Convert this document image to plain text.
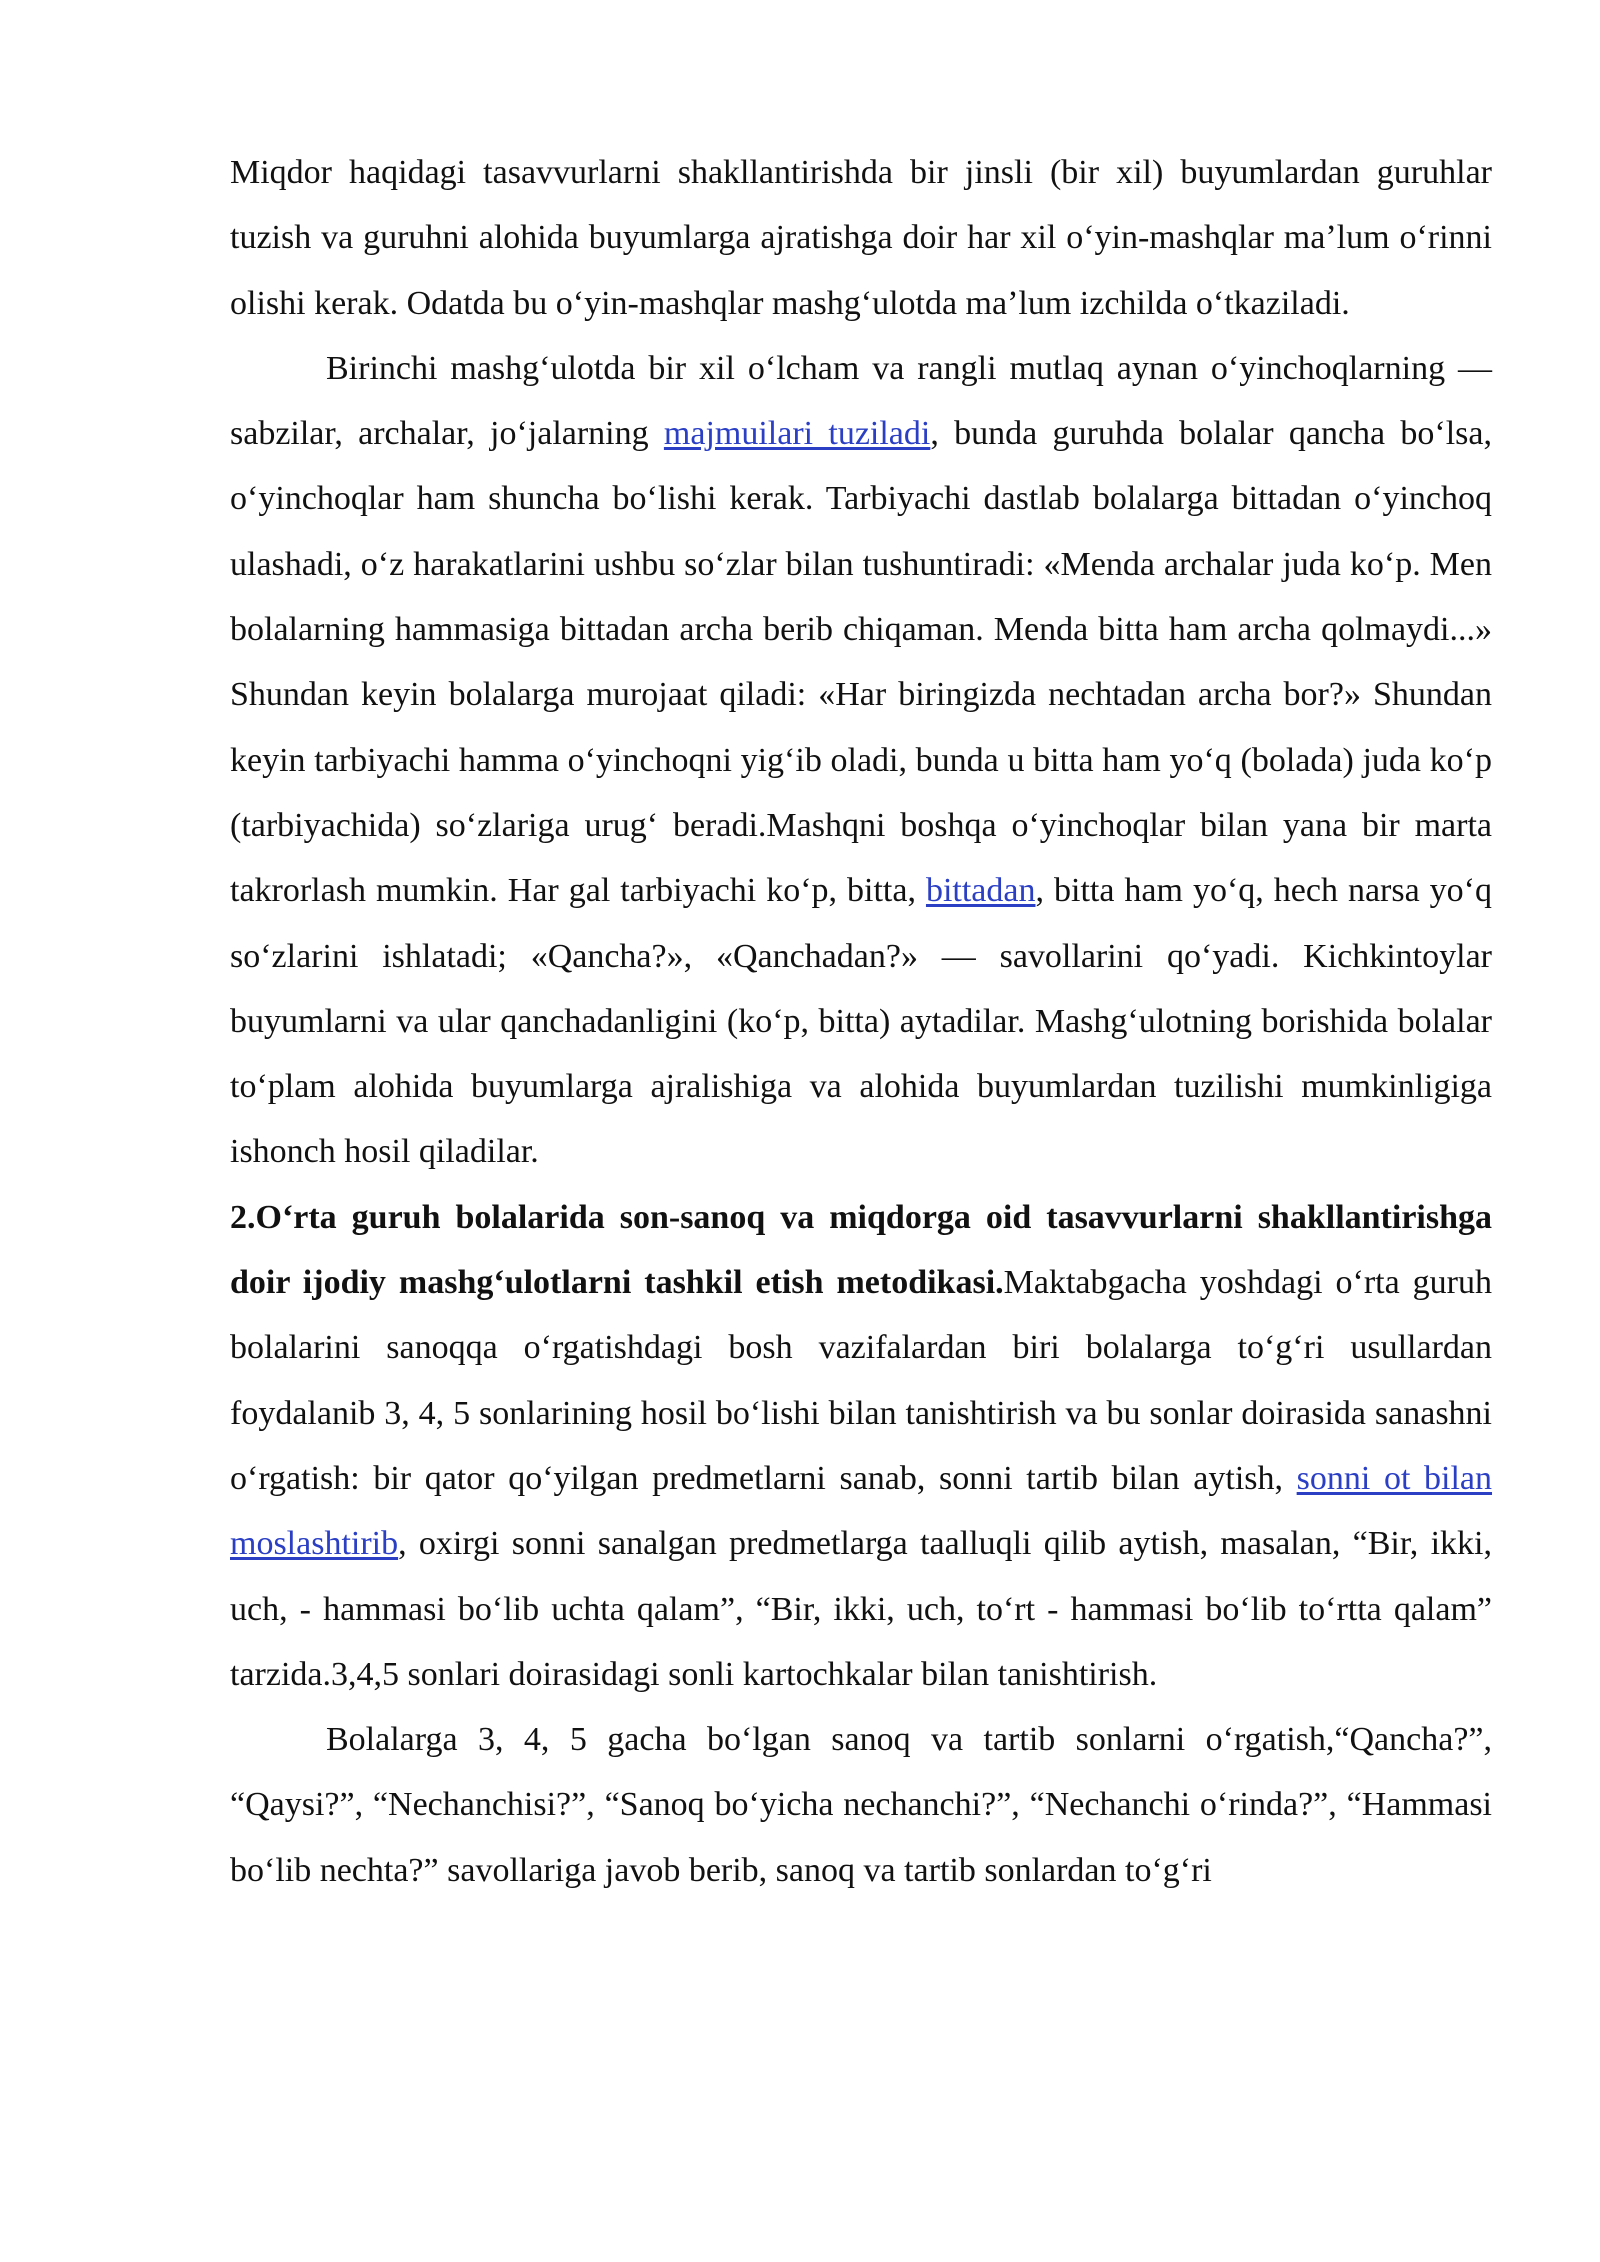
Miqdor haqidagi tasavvurlarni shakllantirishda bir jinsli (bir xil) buyumlardan guruhlar tuzish va guruhni alohida buyumlarga ajratishga doir har xil oʻyin-mashqlar maʼlum oʻrinni olishi kerak. Odatda bu oʻyin-mashqlar mashgʻulotda maʼlum izchilda oʻtkaziladi.

Birinchi mashgʻulotda bir xil oʻlcham va rangli mutlaq aynan oʻyinchoqlarning — sabzilar, archalar, joʻjalarning majmuilari tuziladi, bunda guruhda bolalar qancha boʻlsa, oʻyinchoqlar ham shuncha boʻlishi kerak. Tarbiyachi dastlab bolalarga bittadan oʻyinchoq ulashadi, oʻz harakatlarini ushbu soʻzlar bilan tushuntiradi: «Menda archalar juda koʻp. Men bolalarning hammasiga bittadan archa berib chiqaman. Menda bitta ham archa qolmaydi...» Shundan keyin bolalarga murojaat qiladi: «Har biringizda nechtadan archa bor?» Shundan keyin tarbiyachi hamma oʻyinchoqni yigʻib oladi, bunda u bitta ham yoʻq (bolada) juda koʻp (tarbiyachida) soʻzlariga urugʻ beradi.Mashqni boshqa oʻyinchoqlar bilan yana bir marta takrorlash mumkin. Har gal tarbiyachi koʻp, bitta, bittadan, bitta ham yoʻq, hech narsa yoʻq soʻzlarini ishlatadi; «Qancha?», «Qanchadan?» — savollarini qoʻyadi. Kichkintoylar buyumlarni va ular qanchadanligini (koʻp, bitta) aytadilar. Mashgʻulotning borishida bolalar toʻplam alohida buyumlarga ajralishiga va alohida buyumlardan tuzilishi mumkinligiga ishonch hosil qiladilar.

2.Oʻrta guruh bolalarida son-sanoq va miqdorga oid tasavvurlarni shakllantirishga doir ijodiy mashgʻulotlarni tashkil etish metodikasi.Maktabgacha yoshdagi oʻrta guruh bolalarini sanoqqa oʻrgatishdagi bosh vazifalardan biri bolalarga toʻgʻri usullardan foydalanib 3, 4, 5 sonlarining hosil boʻlishi bilan tanishtirish va bu sonlar doirasida sanashni oʻrgatish: bir qator qoʻyilgan predmetlarni sanab, sonni tartib bilan aytish, sonni ot bilan moslashtirib, oxirgi sonni sanalgan predmetlarga taalluqli qilib aytish, masalan, “Bir, ikki, uch, - hammasi boʻlib uchta qalam”, “Bir, ikki, uch, toʻrt - hammasi boʻlib toʻrtta qalam” tarzida.3,4,5 sonlari doirasidagi sonli kartochkalar bilan tanishtirish.

Bolalarga 3, 4, 5 gacha boʻlgan sanoq va tartib sonlarni oʻrgatish,“Qancha?”, “Qaysi?”, “Nechanchisi?”, “Sanoq boʻyicha nechanchi?”, “Nechanchi oʻrinda?”, “Hammasi boʻlib nechta?” savollariga javob berib, sanoq va tartib sonlardan toʻgʻri
